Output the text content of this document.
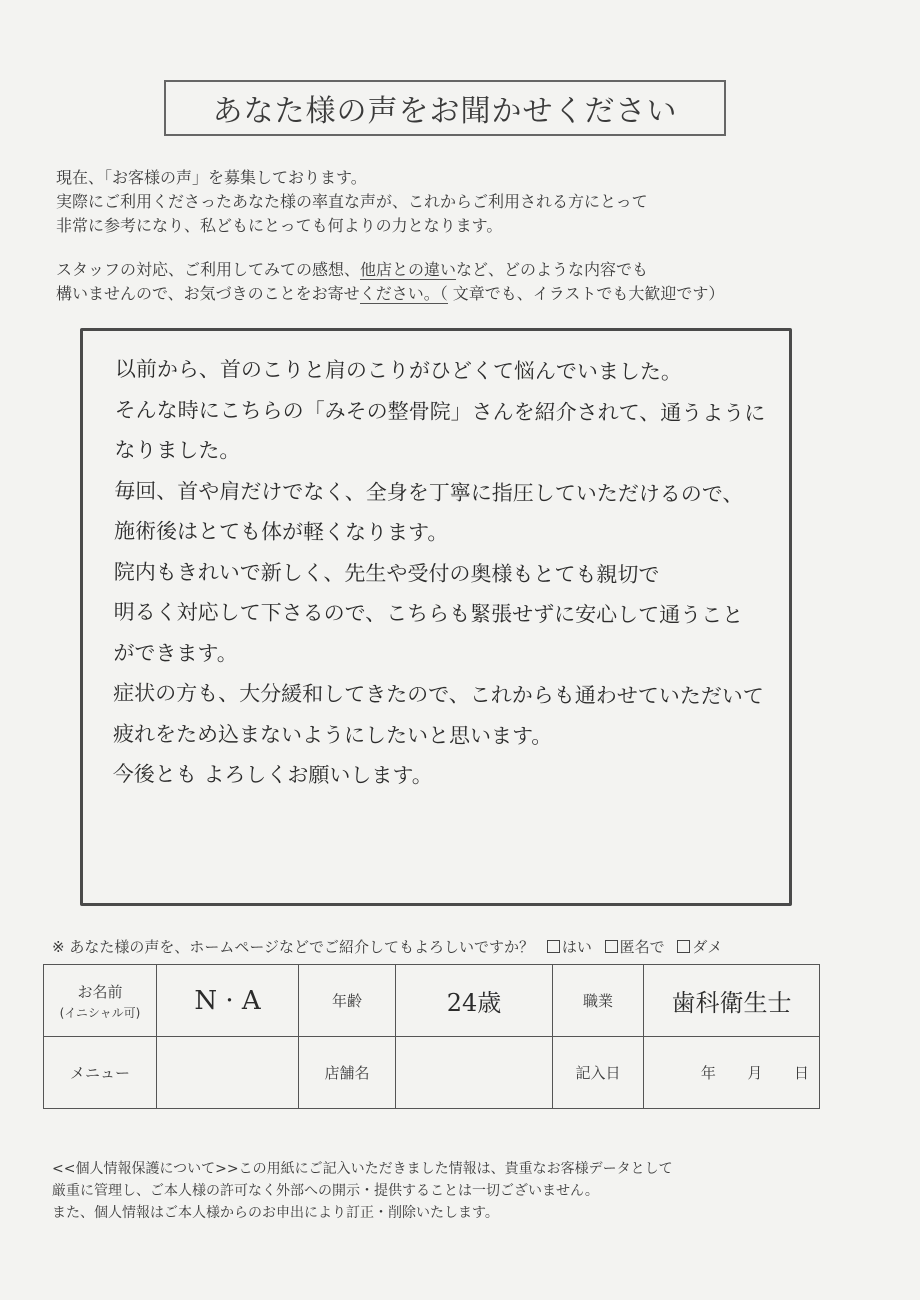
あなた様の声をお聞かせください

現在、「お客様の声」を募集しております。

実際にご利用くださったあなた様の率直な声が、これからご利用される方にとって

非常に参考になり、私どもにとっても何よりの力となります。

スタッフの対応、ご利用してみての感想、他店との違いなど、どのような内容でも

構いませんので、お気づきのことをお寄せください。（ 文章でも、イラストでも大歓迎です）

以前から、首のこりと肩のこりがひどくて悩んでいました。

そんな時にこちらの「みその整骨院」さんを紹介されて、通うように

なりました。

毎回、首や肩だけでなく、全身を丁寧に指圧していただけるので、

施術後はとても体が軽くなります。

院内もきれいで新しく、先生や受付の奥様もとても親切で

明るく対応して下さるので、こちらも緊張せずに安心して通うこと

ができます。

症状の方も、大分緩和してきたので、これからも通わせていただいて

疲れをため込まないようにしたいと思います。

今後とも よろしくお願いします。

※ あなた様の声を、ホームページなどでご紹介してもよろしいですか？ はい 匿名で ダメ
お名前
(イニシャル可)	N · A	年齢	24歳	職業	歯科衛生士
メニュー		店舗名		記入日	年 月 日

<<個人情報保護について>>この用紙にご記入いただきました情報は、貴重なお客様データとして

厳重に管理し、ご本人様の許可なく外部への開示・提供することは一切ございません。

また、個人情報はご本人様からのお申出により訂正・削除いたします。
